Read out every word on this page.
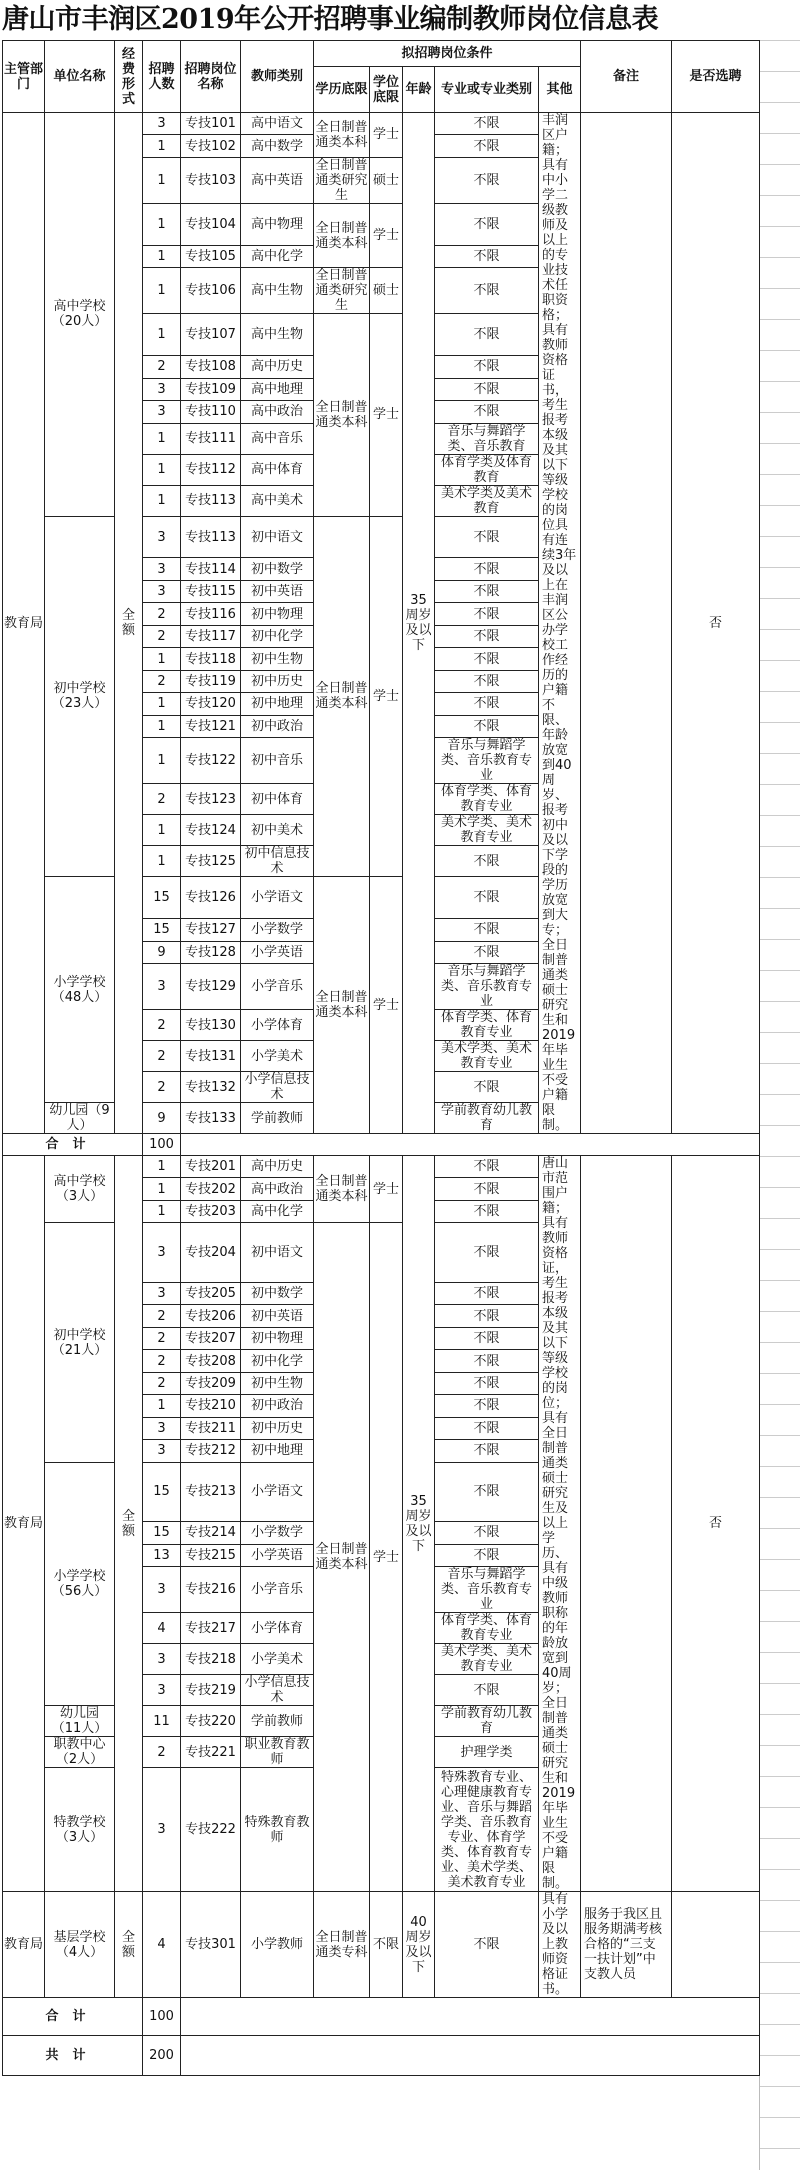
唐山市丰润区2019年公开招聘事业编制教师岗位信息表
主管部门	单位名称	经费形式	招聘人数	招聘岗位名称	教师类别	拟招聘岗位条件					备注	是否选聘
						学历底限	学位底限	年龄	专业或专业类别	其他		
教育局	高中学校（20人）	全额	3	专技101	高中语文	全日制普通类本科	学士	35周岁及以下	不限	丰润区户籍；具有中小学二级教师及以上的专业技术任职资格；具有教师资格证书，考生报考本级及其以下等级学校的岗位具有连续3年及以上在丰润区公办学校工作经历的户籍不限、年龄放宽到40周岁、报考初中及以下学段的学历放宽到大专；全日制普通类硕士研究生和2019年毕业生不受户籍限制。		否
			1	专技102	高中数学				不限			
			1	专技103	高中英语	全日制普通类研究生	硕士		不限			
			1	专技104	高中物理	全日制普通类本科	学士		不限			
			1	专技105	高中化学				不限			
			1	专技106	高中生物	全日制普通类研究生	硕士		不限			
			1	专技107	高中生物	全日制普通类本科	学士		不限			
			2	专技108	高中历史				不限			
			3	专技109	高中地理				不限			
			3	专技110	高中政治				不限			
			1	专技111	高中音乐				音乐与舞蹈学类、音乐教育			
			1	专技112	高中体育				体育学类及体育教育			
			1	专技113	高中美术				美术学类及美术教育			
	初中学校（23人）		3	专技113	初中语文	全日制普通类本科	学士		不限			
			3	专技114	初中数学				不限			
			3	专技115	初中英语				不限			
			2	专技116	初中物理				不限			
			2	专技117	初中化学				不限			
			1	专技118	初中生物				不限			
			2	专技119	初中历史				不限			
			1	专技120	初中地理				不限			
			1	专技121	初中政治				不限			
			1	专技122	初中音乐				音乐与舞蹈学类、音乐教育专业			
			2	专技123	初中体育				体育学类、体育教育专业			
			1	专技124	初中美术				美术学类、美术教育专业			
			1	专技125	初中信息技术				不限			
	小学学校（48人）		15	专技126	小学语文	全日制普通类本科	学士		不限			
			15	专技127	小学数学				不限			
			9	专技128	小学英语				不限			
			3	专技129	小学音乐				音乐与舞蹈学类、音乐教育专业			
			2	专技130	小学体育				体育学类、体育教育专业			
			2	专技131	小学美术				美术学类、美术教育专业			
			2	专技132	小学信息技术				不限			
	幼儿园（9人）		9	专技133	学前教师				学前教育幼儿教育			
合计			100									
教育局	高中学校（3人）	全额	1	专技201	高中历史	全日制普通类本科	学士	35周岁及以下	不限	唐山市范围户籍；具有教师资格证，考生报考本级及其以下等级学校的岗位；具有全日制普通类硕士研究生及以上学历、具有中级教师职称的年龄放宽到40周岁；全日制普通类硕士研究生和2019年毕业生不受户籍限制。		否
			1	专技202	高中政治				不限			
			1	专技203	高中化学				不限			
	初中学校（21人）		3	专技204	初中语文	全日制普通类本科	学士		不限			
			3	专技205	初中数学				不限			
			2	专技206	初中英语				不限			
			2	专技207	初中物理				不限			
			2	专技208	初中化学				不限			
			2	专技209	初中生物				不限			
			1	专技210	初中政治				不限			
			3	专技211	初中历史				不限			
			3	专技212	初中地理				不限			
	小学学校（56人）		15	专技213	小学语文				不限			
			15	专技214	小学数学				不限			
			13	专技215	小学英语				不限			
			3	专技216	小学音乐				音乐与舞蹈学类、音乐教育专业			
			4	专技217	小学体育				体育学类、体育教育专业			
			3	专技218	小学美术				美术学类、美术教育专业			
			3	专技219	小学信息技术				不限			
	幼儿园（11人）		11	专技220	学前教师				学前教育幼儿教育			
	职教中心（2人）		2	专技221	职业教育教师				护理学类			
	特教学校（3人）		3	专技222	特殊教育教师				特殊教育专业、心理健康教育专业、音乐与舞蹈学类、音乐教育专业、体育学类、体育教育专业、美术学类、美术教育专业			
教育局	基层学校（4人）	全额	4	专技301	小学教师	全日制普通类专科	不限	40周岁及以下	不限	具有小学及以上教师资格证书。	服务于我区且服务期满考核合格的“三支一扶计划”中支教人员	
合计			100									
共计			200									
